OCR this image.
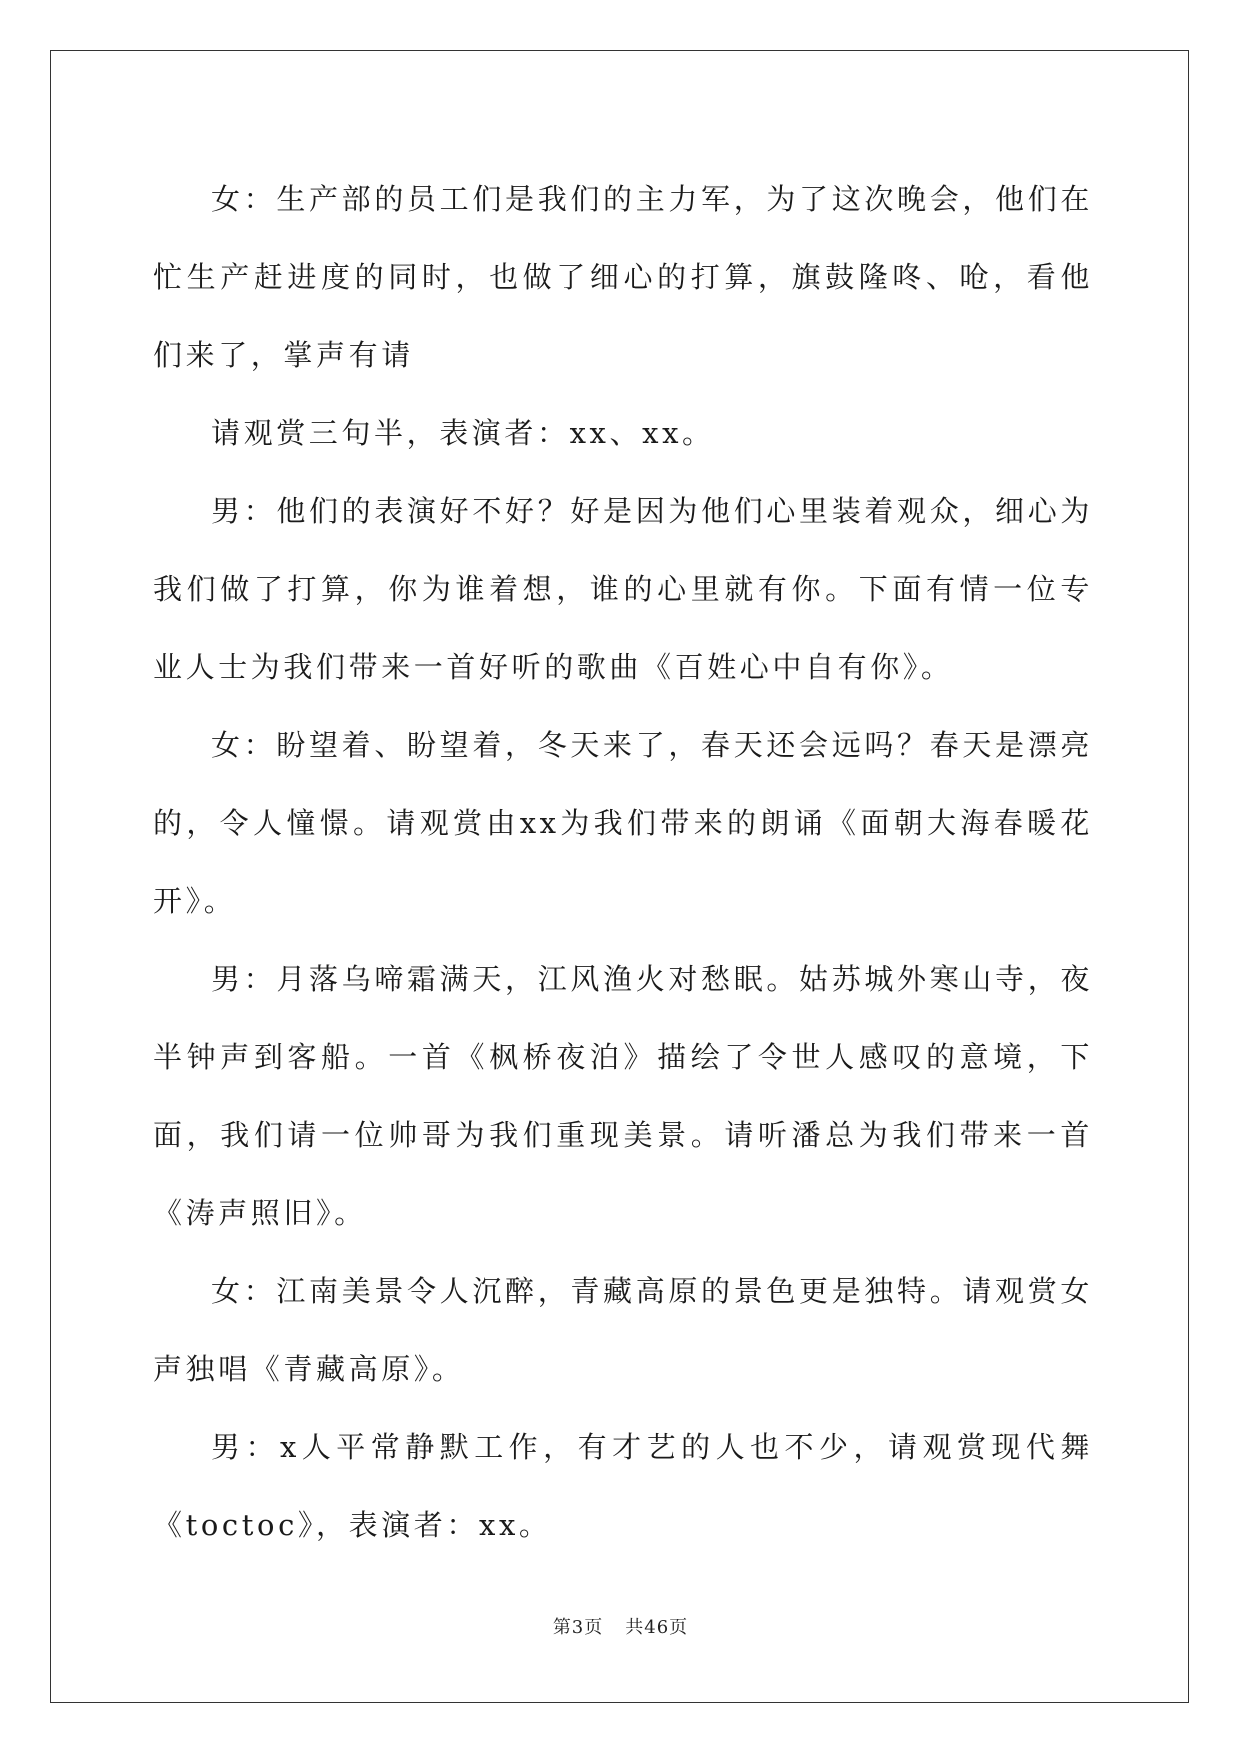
女：生产部的员工们是我们的主力军，为了这次晚会，他们在忙生产赶进度的同时，也做了细心的打算，旗鼓隆咚、呛，看他们来了，掌声有请

请观赏三句半，表演者：xx、xx。

男：他们的表演好不好？好是因为他们心里装着观众，细心为我们做了打算，你为谁着想，谁的心里就有你。下面有情一位专业人士为我们带来一首好听的歌曲《百姓心中自有你》。

女：盼望着、盼望着，冬天来了，春天还会远吗？春天是漂亮的，令人憧憬。请观赏由xx为我们带来的朗诵《面朝大海春暖花开》。

男：月落乌啼霜满天，江风渔火对愁眠。姑苏城外寒山寺，夜半钟声到客船。一首《枫桥夜泊》描绘了令世人感叹的意境，下面，我们请一位帅哥为我们重现美景。请听潘总为我们带来一首《涛声照旧》。

女：江南美景令人沉醉，青藏高原的景色更是独特。请观赏女声独唱《青藏高原》。

男：x人平常静默工作，有才艺的人也不少，请观赏现代舞《toctoc》，表演者：xx。

第3页 共46页
